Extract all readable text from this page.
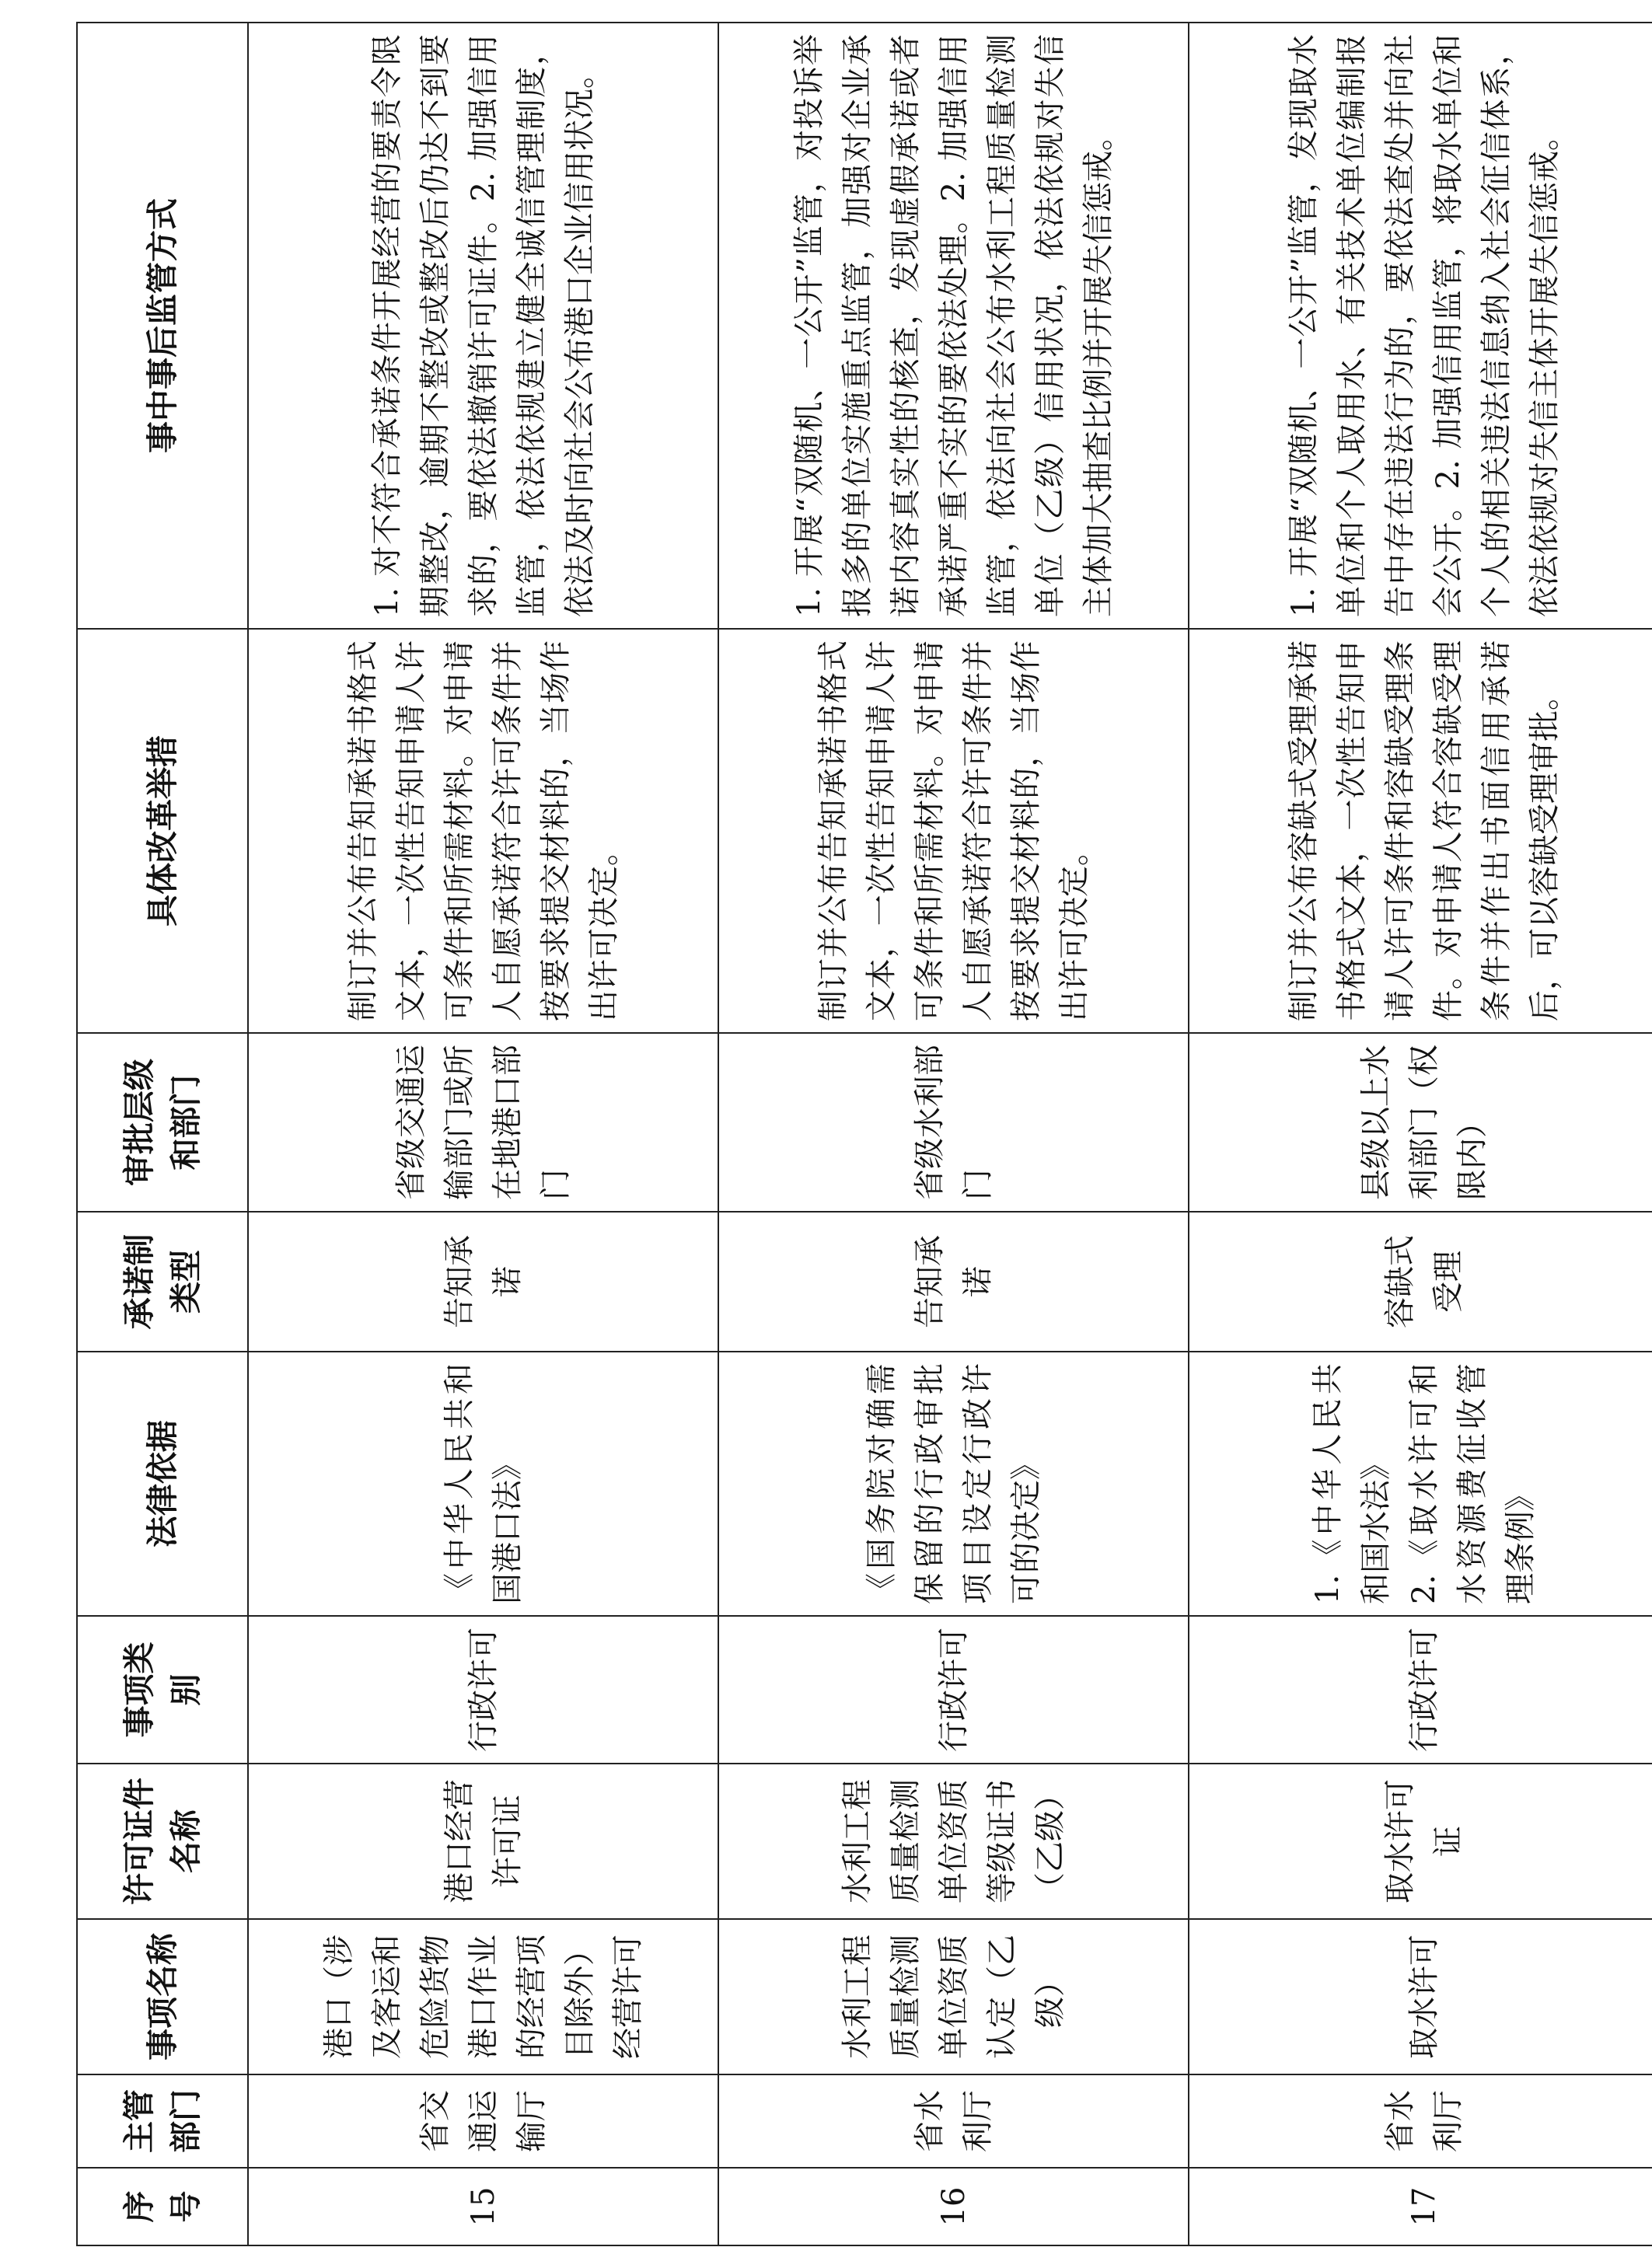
序号	主管部门	事项名称	许可证件名称	事项类别	法律依据	承诺制类型	审批层级和部门	具体改革举措	事中事后监管方式
15	省交通运输厅	港口（涉及客运和危险货物港口作业的经营项目除外）经营许可	港口经营许可证	行政许可	《中华人民共和国港口法》	告知承诺	省级交通运输部门或所在地港口部门	制订并公布告知承诺书格式文本，一次性告知申请人许可条件和所需材料。对申请人自愿承诺符合许可条件并按要求提交材料的，当场作出许可决定。	1. 对不符合承诺条件开展经营的要责令限期整改，逾期不整改或整改后仍达不到要求的，要依法撤销许可证件。2. 加强信用监管，依法依规建立健全诚信管理制度，依法及时向社会公布港口企业信用状况。
16	省水利厅	水利工程质量检测单位资质认定（乙级）	水利工程质量检测单位资质等级证书（乙级）	行政许可	《国务院对确需保留的行政审批项目设定行政许可的决定》	告知承诺	省级水利部门	制订并公布告知承诺书格式文本，一次性告知申请人许可条件和所需材料。对申请人自愿承诺符合许可条件并按要求提交材料的，当场作出许可决定。	1. 开展“双随机、一公开”监管，对投诉举报多的单位实施重点监管，加强对企业承诺内容真实性的核查，发现虚假承诺或者承诺严重不实的要依法处理。2. 加强信用监管，依法向社会公布水利工程质量检测单位（乙级）信用状况，依法依规对失信主体加大抽查比例并开展失信惩戒。
17	省水利厅	取水许可	取水许可证	行政许可	1.《中华人民共和国水法》 2.《取水许可和水资源费征收管理条例》	容缺式受理	县级以上水利部门（权限内）	制订并公布容缺式受理承诺书格式文本，一次性告知申请人许可条件和容缺受理条件。对申请人符合容缺受理条件并作出书面信用承诺后，可以容缺受理审批。	1. 开展“双随机、一公开”监管，发现取水单位和个人取用水、有关技术单位编制报告中存在违法行为的，要依法查处并向社会公开。2. 加强信用监管，将取水单位和个人的相关违法信息纳入社会征信体系，依法依规对失信主体开展失信惩戒。
